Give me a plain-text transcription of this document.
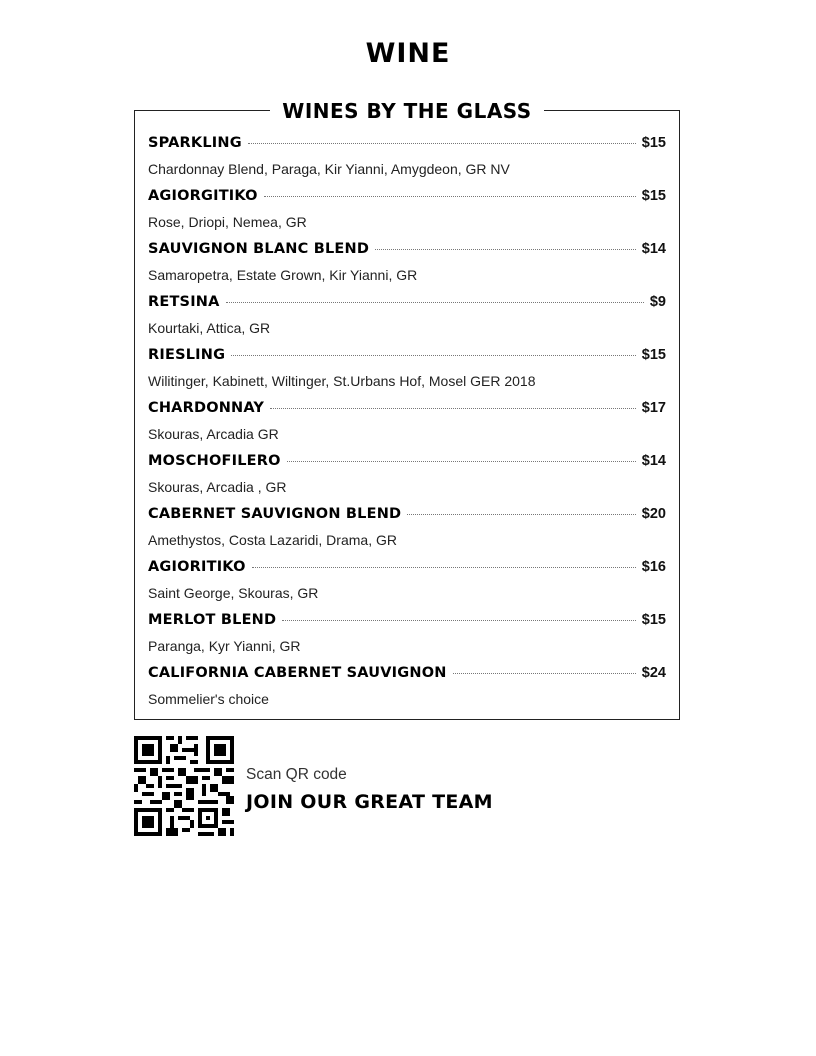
WINE
WINES BY THE GLASS
SPARKLING	$15
Chardonnay Blend, Paraga, Kir Yianni, Amygdeon, GR NV
AGIORGITIKO	$15
Rose, Driopi, Nemea, GR
SAUVIGNON BLANC BLEND	$14
Samaropetra, Estate Grown, Kir Yianni, GR
RETSINA	$9
Kourtaki, Attica, GR
RIESLING	$15
Wilitinger, Kabinett, Wiltinger, St.Urbans Hof, Mosel GER 2018
CHARDONNAY	$17
Skouras, Arcadia GR
MOSCHOFILERO	$14
Skouras, Arcadia , GR
CABERNET SAUVIGNON BLEND	$20
Amethystos, Costa Lazaridi, Drama, GR
AGIORITIKO	$16
Saint George, Skouras, GR
MERLOT BLEND	$15
Paranga, Kyr Yianni, GR
CALIFORNIA CABERNET SAUVIGNON	$24
Sommelier's choice
Scan QR code
JOIN OUR GREAT TEAM
